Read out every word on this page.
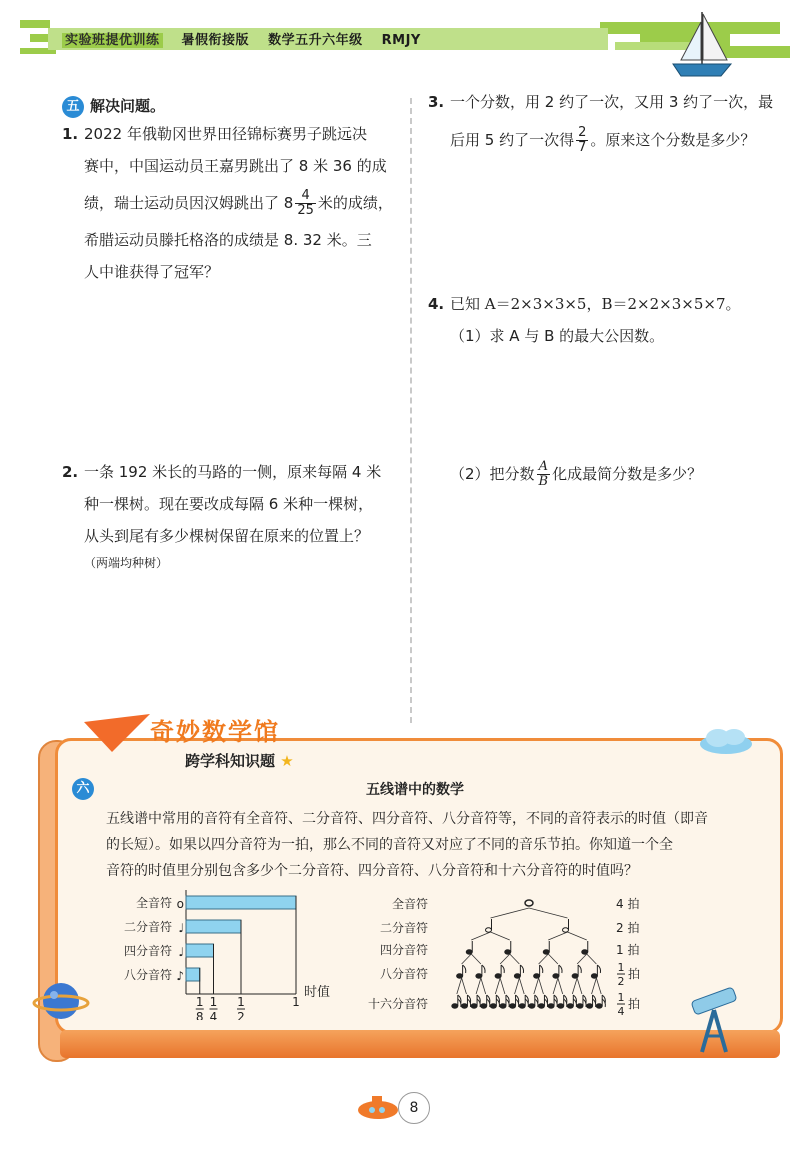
实验班提优训练 暑假衔接版 数学五升六年级 RMJY
五 解决问题。
1. 2022 年俄勒冈世界田径锦标赛男子跳远决
赛中，中国运动员王嘉男跳出了 8 米 36 的成
绩，瑞士运动员因汉姆跳出了 $8 \frac{4}{25}$ 米的成绩，
希腊运动员滕托格洛的成绩是 8. 32 米。三
人中谁获得了冠军？
2. 一条 192 米长的马路的一侧，原来每隔 4 米
种一棵树。现在要改成每隔 6 米种一棵树，
从头到尾有多少棵树保留在原来的位置上？
（两端均种树）
3. 一个分数，用 2 约了一次，又用 3 约了一次，最
后用 5 约了一次得 $\frac{2}{7}$ 。原来这个分数是多少？
4. 已知 A＝2×3×3×5，B＝2×2×3×5×7。
（1）求 A 与 B 的最大公因数。
（2）把分数 $\frac{A}{B}$ 化成最简分数是多少？
奇妙数学馆
跨学科知识题 ★
六	五线谱中的数学
五线谱中常用的音符有全音符、二分音符、四分音符、八分音符等，不同的音符表示的时值（即音
的长短）。如果以四分音符为一拍，那么不同的音符又对应了不同的音乐节拍。你知道一个全
音符的时值里分别包含多少个二分音符、四分音符、八分音符和十六分音符的时值吗？
全音符 o
二分音符 ♩
四分音符 ♩
八分音符 ♪
1
8
1
4
1
2
1
时值
全音符	4 拍
二分音符	2 拍
四分音符	1 拍
八分音符	1
2
拍
十六分音符	1
4
拍
8
